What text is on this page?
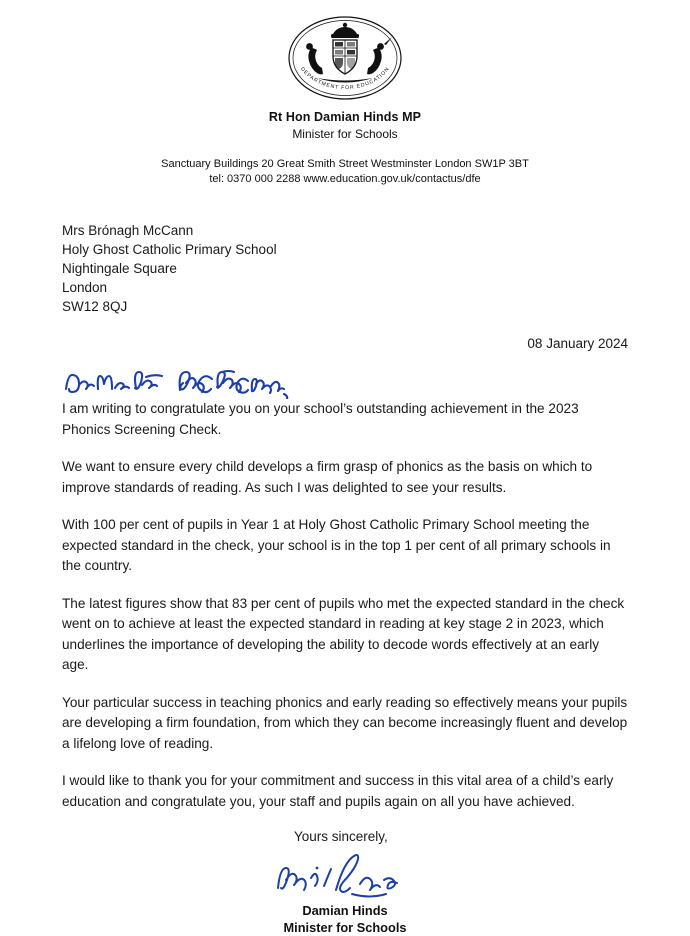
DEPARTMENT FOR EDUCATION
Rt Hon Damian Hinds MP
Minister for Schools
Sanctuary Buildings 20 Great Smith Street Westminster London SW1P 3BT
tel: 0370 000 2288 www.education.gov.uk/contactus/dfe
Mrs Brónagh McCann
Holy Ghost Catholic Primary School
Nightingale Square
London
SW12 8QJ
08 January 2024

I am writing to congratulate you on your school’s outstanding achievement in the 2023 Phonics Screening Check.

We want to ensure every child develops a firm grasp of phonics as the basis on which to improve standards of reading. As such I was delighted to see your results.

With 100 per cent of pupils in Year 1 at Holy Ghost Catholic Primary School meeting the expected standard in the check, your school is in the top 1 per cent of all primary schools in the country.

The latest figures show that 83 per cent of pupils who met the expected standard in the check went on to achieve at least the expected standard in reading at key stage 2 in 2023, which underlines the importance of developing the ability to decode words effectively at an early age.

Your particular success in teaching phonics and early reading so effectively means your pupils are developing a firm foundation, from which they can become increasingly fluent and develop a lifelong love of reading.

I would like to thank you for your commitment and success in this vital area of a child’s early education and congratulate you, your staff and pupils again on all you have achieved.

Yours sincerely,
Damian Hinds
Minister for Schools
